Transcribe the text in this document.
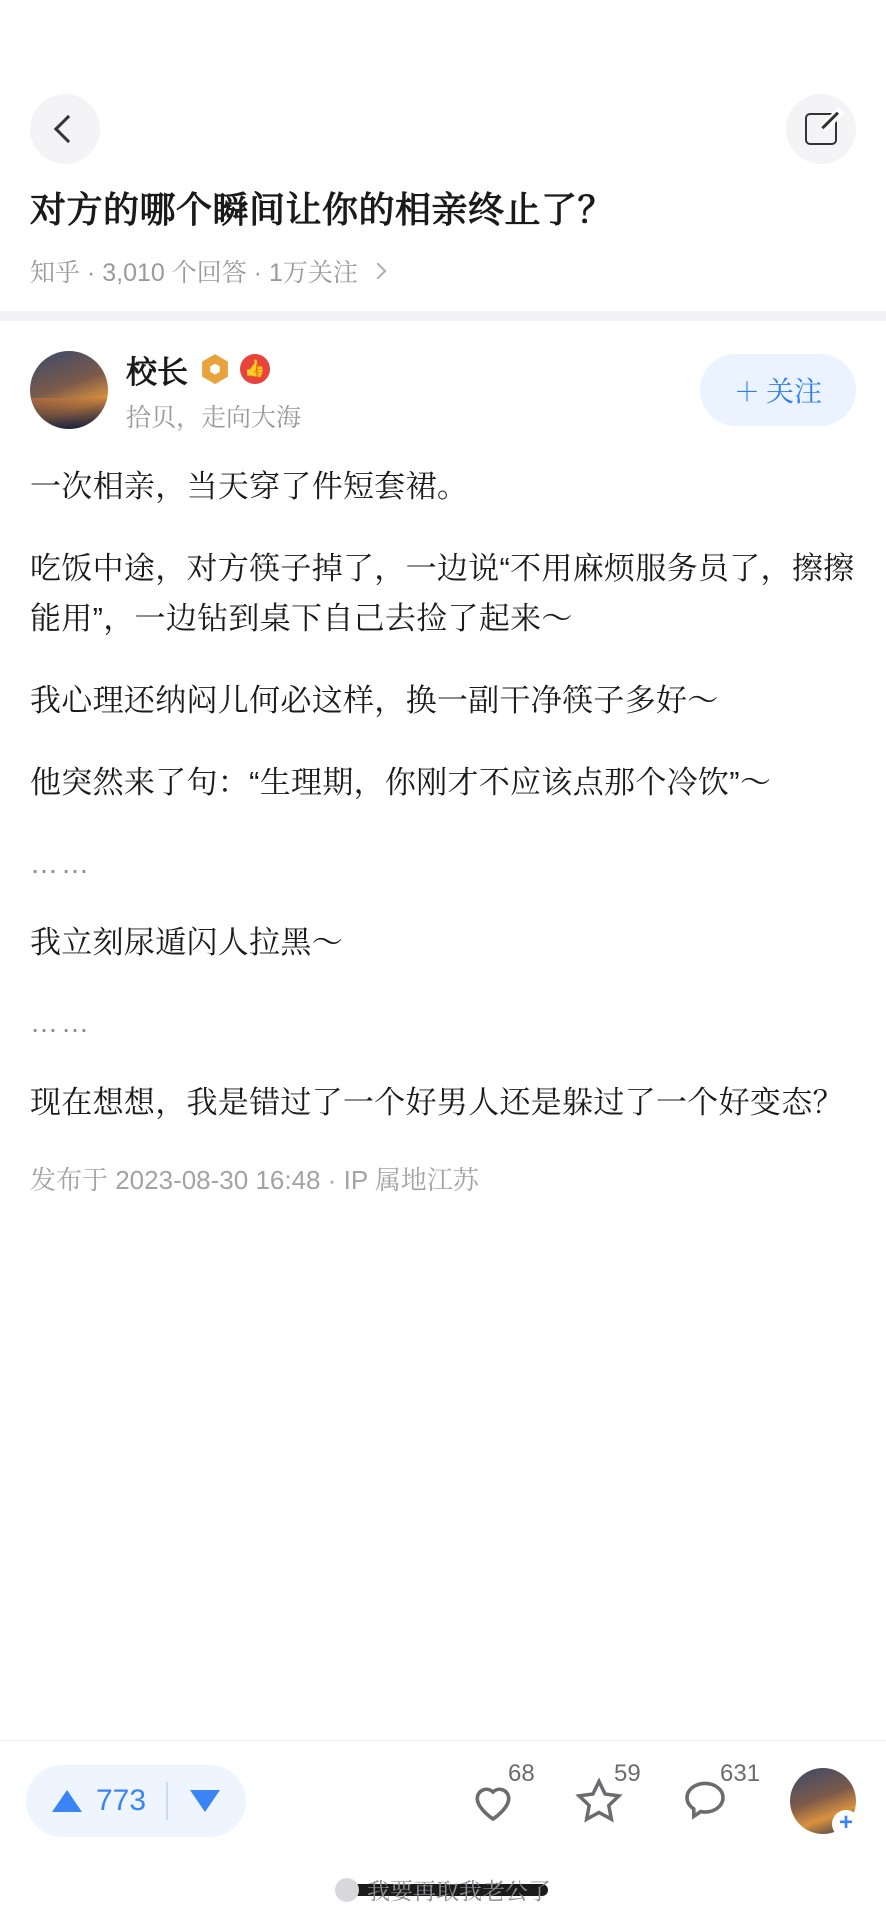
对方的哪个瞬间让你的相亲终止了？
知乎 · 3,010 个回答 · 1万关注
校长	👍
拾贝，走向大海
＋ 关注

一次相亲，当天穿了件短套裙。

吃饭中途，对方筷子掉了，一边说“不用麻烦服务员了，擦擦能用”，一边钻到桌下自己去捡了起来～

我心理还纳闷儿何必这样，换一副干净筷子多好～

他突然来了句：“生理期，你刚才不应该点那个冷饮”～

……

我立刻尿遁闪人拉黑～

……

现在想想，我是错过了一个好男人还是躲过了一个好变态？

发布于 2023-08-30 16:48 · IP 属地江苏
773
68	59	631
+
我要再取我老公了
